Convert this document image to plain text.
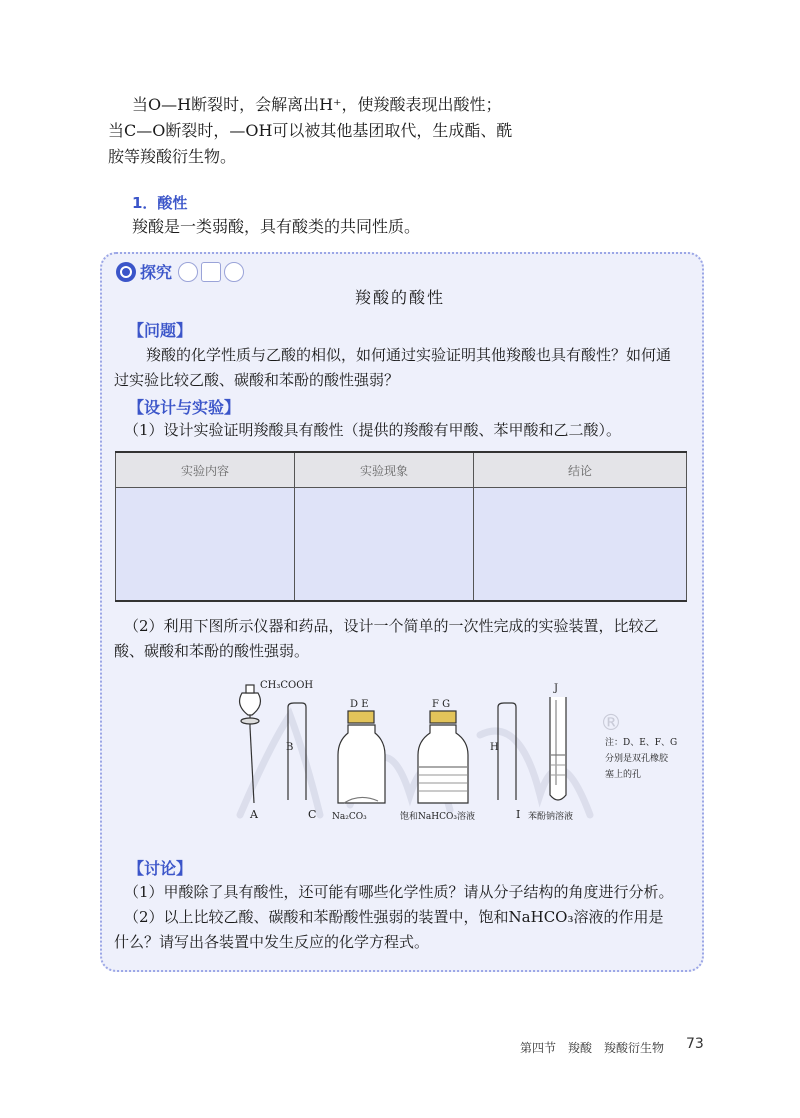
当O—H断裂时，会解离出H⁺，使羧酸表现出酸性；
当C—O断裂时，—OH可以被其他基团取代，生成酯、酰
胺等羧酸衍生物。
1．酸性
羧酸是一类弱酸，具有酸类的共同性质。
探究
羧酸的酸性
【问题】
羧酸的化学性质与乙酸的相似，如何通过实验证明其他羧酸也具有酸性？如何通
过实验比较乙酸、碳酸和苯酚的酸性强弱？
【设计与实验】
（1）设计实验证明羧酸具有酸性（提供的羧酸有甲酸、苯甲酸和乙二酸）。
实验内容	实验现象	结论

（2）利用下图所示仪器和药品，设计一个简单的一次性完成的实验装置，比较乙
酸、碳酸和苯酚的酸性强弱。
®
CH₃COOH
A
B
C
D E
Na₂CO₃
F G
饱和NaHCO₃溶液
H
I
J
苯酚钠溶液
注：D、E、F、G
分别是双孔橡胶
塞上的孔
【讨论】
（1）甲酸除了具有酸性，还可能有哪些化学性质？请从分子结构的角度进行分析。
（2）以上比较乙酸、碳酸和苯酚酸性强弱的装置中，饱和NaHCO₃溶液的作用是
什么？请写出各装置中发生反应的化学方程式。
第四节　羧酸　羧酸衍生物 73
